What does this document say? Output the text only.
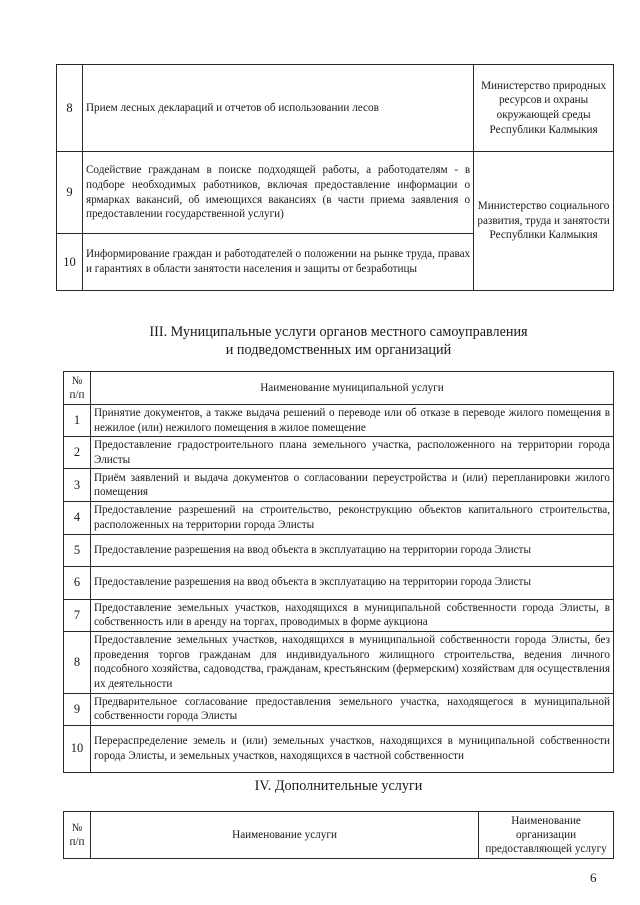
8	Прием лесных деклараций и отчетов об использовании лесов	Министерство природных ресурсов и охраны окружающей среды Республики Калмыкия
9	Содействие гражданам в поиске подходящей работы, а работодателям - в подборе необходимых работников, включая предоставление информации о ярмарках вакансий, об имеющихся вакансиях (в части приема заявления о предоставлении государственной услуги)	Министерство социального развития, труда и занятости Республики Калмыкия
10	Информирование граждан и работодателей о положении на рынке труда, правах и гарантиях в области занятости населения и защиты от безработицы	
III. Муниципальные услуги органов местного самоуправления
и подведомственных им организаций
№ п/п	Наименование муниципальной услуги
1	Принятие документов, а также выдача решений о переводе или об отказе в переводе жилого помещения в нежилое (или) нежилого помещения в жилое помещение
2	Предоставление градостроительного плана земельного участка, расположенного на территории города Элисты
3	Приём заявлений и выдача документов о согласовании переустройства и (или) перепланировки жилого помещения
4	Предоставление разрешений на строительство, реконструкцию объектов капитального строительства, расположенных на территории города Элисты
5	Предоставление разрешения на ввод объекта в эксплуатацию на территории города Элисты
6	Предоставление разрешения на ввод объекта в эксплуатацию на территории города Элисты
7	Предоставление земельных участков, находящихся в муниципальной собственности города Элисты, в собственность или в аренду на торгах, проводимых в форме аукциона
8	Предоставление земельных участков, находящихся в муниципальной собственности города Элисты, без проведения торгов гражданам для индивидуального жилищного строительства, ведения личного подсобного хозяйства, садоводства, гражданам, крестьянским (фермерским) хозяйствам для осуществления их деятельности
9	Предварительное согласование предоставления земельного участка, находящегося в муниципальной собственности города Элисты
10	Перераспределение земель и (или) земельных участков, находящихся в муниципальной собственности города Элисты, и земельных участков, находящихся в частной собственности
IV. Дополнительные услуги
№ п/п	Наименование услуги	Наименование организации предоставляющей услугу
6
